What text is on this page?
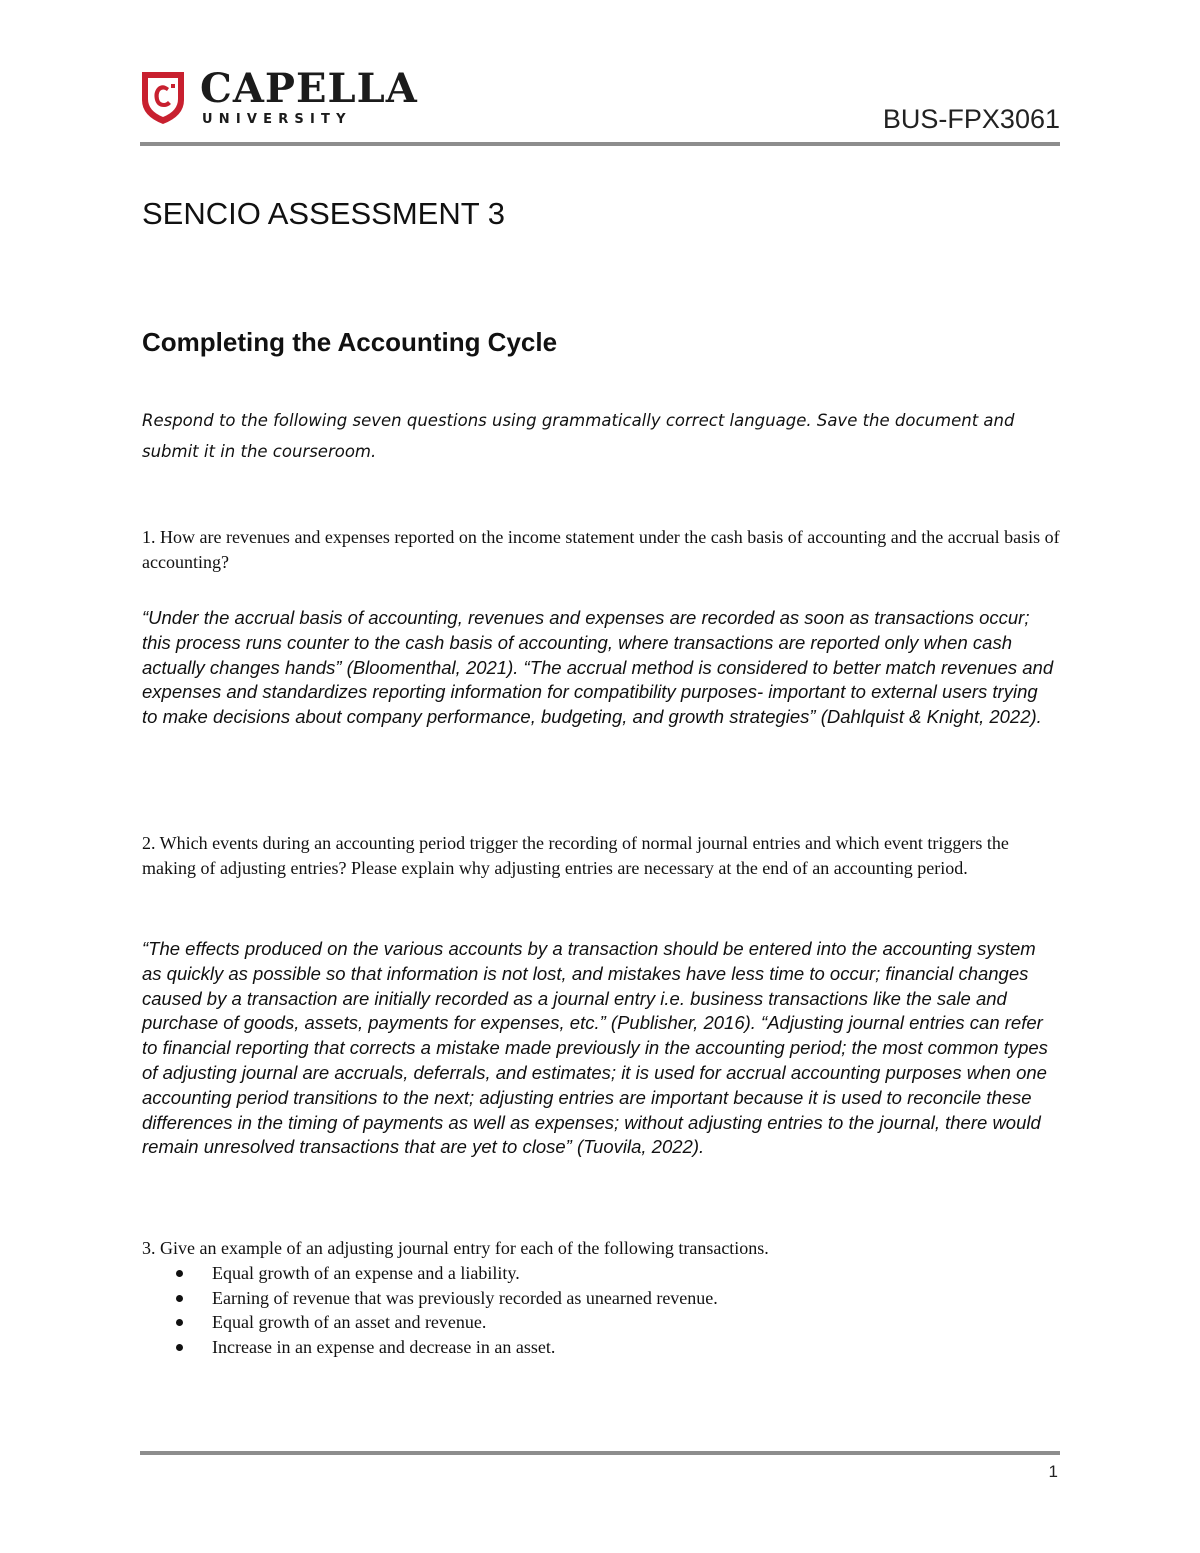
CAPELLA
UNIVERSITY	BUS-FPX3061
SENCIO ASSESSMENT 3
Completing the Accounting Cycle
Respond to the following seven questions using grammatically correct language. Save the document and submit it in the courseroom.
1. How are revenues and expenses reported on the income statement under the cash basis of accounting and the accrual basis of accounting?
“Under the accrual basis of accounting, revenues and expenses are recorded as soon as transactions occur; this process runs counter to the cash basis of accounting, where transactions are reported only when cash actually changes hands” (Bloomenthal, 2021). “The accrual method is considered to better match revenues and expenses and standardizes reporting information for compatibility purposes- important to external users trying to make decisions about company performance, budgeting, and growth strategies” (Dahlquist & Knight, 2022).
2. Which events during an accounting period trigger the recording of normal journal entries and which event triggers the making of adjusting entries? Please explain why adjusting entries are necessary at the end of an accounting period.
“The effects produced on the various accounts by a transaction should be entered into the accounting system as quickly as possible so that information is not lost, and mistakes have less time to occur; financial changes caused by a transaction are initially recorded as a journal entry i.e. business transactions like the sale and purchase of goods, assets, payments for expenses, etc.” (Publisher, 2016). “Adjusting journal entries can refer to financial reporting that corrects a mistake made previously in the accounting period; the most common types of adjusting journal are accruals, deferrals, and estimates; it is used for accrual accounting purposes when one accounting period transitions to the next; adjusting entries are important because it is used to reconcile these differences in the timing of payments as well as expenses; without adjusting entries to the journal, there would remain unresolved transactions that are yet to close” (Tuovila, 2022).
3. Give an example of an adjusting journal entry for each of the following transactions.
Equal growth of an expense and a liability.
Earning of revenue that was previously recorded as unearned revenue.
Equal growth of an asset and revenue.
Increase in an expense and decrease in an asset.
1
